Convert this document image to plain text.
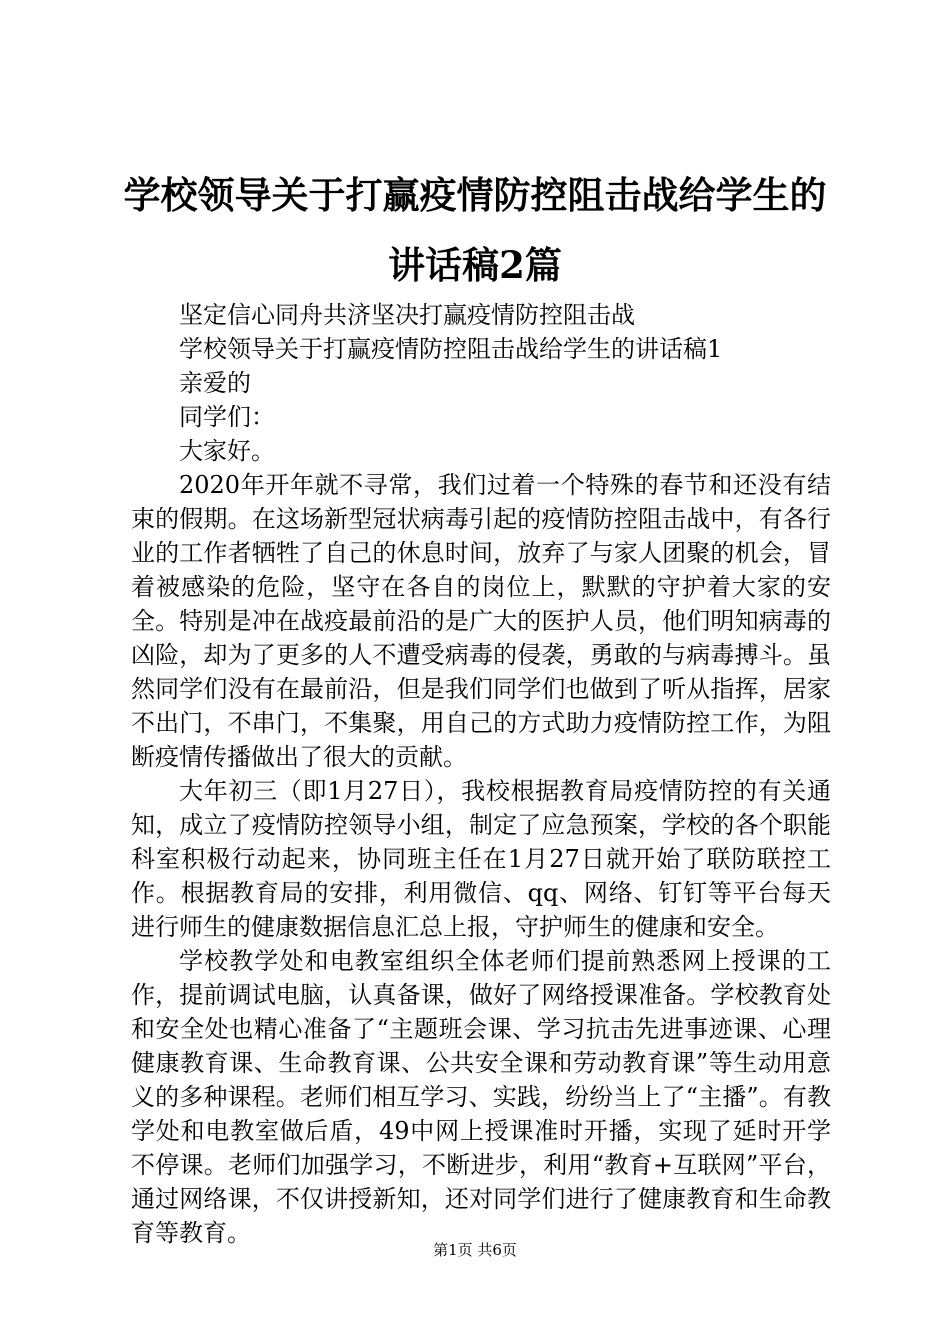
学校领导关于打赢疫情防控阻击战给学生的讲话稿2篇

坚定信心同舟共济坚决打赢疫情防控阻击战

学校领导关于打赢疫情防控阻击战给学生的讲话稿1

亲爱的

同学们：

大家好。

2020年开年就不寻常，我们过着一个特殊的春节和还没有结束的假期。在这场新型冠状病毒引起的疫情防控阻击战中，有各行业的工作者牺牲了自己的休息时间，放弃了与家人团聚的机会，冒着被感染的危险，坚守在各自的岗位上，默默的守护着大家的安全。特别是冲在战疫最前沿的是广大的医护人员，他们明知病毒的凶险，却为了更多的人不遭受病毒的侵袭，勇敢的与病毒搏斗。虽然同学们没有在最前沿，但是我们同学们也做到了听从指挥，居家不出门，不串门，不集聚，用自己的方式助力疫情防控工作，为阻断疫情传播做出了很大的贡献。

大年初三（即1月27日），我校根据教育局疫情防控的有关通知，成立了疫情防控领导小组，制定了应急预案，学校的各个职能科室积极行动起来，协同班主任在1月27日就开始了联防联控工作。根据教育局的安排，利用微信、qq、网络、钉钉等平台每天进行师生的健康数据信息汇总上报，守护师生的健康和安全。

学校教学处和电教室组织全体老师们提前熟悉网上授课的工作，提前调试电脑，认真备课，做好了网络授课准备。学校教育处和安全处也精心准备了“主题班会课、学习抗击先进事迹课、心理健康教育课、生命教育课、公共安全课和劳动教育课”等生动用意义的多种课程。老师们相互学习、实践，纷纷当上了“主播”。有教学处和电教室做后盾，49中网上授课准时开播，实现了延时开学不停课。老师们加强学习，不断进步，利用“教育+互联网”平台，通过网络课，不仅讲授新知，还对同学们进行了健康教育和生命教育等教育。

第1页 共6页
